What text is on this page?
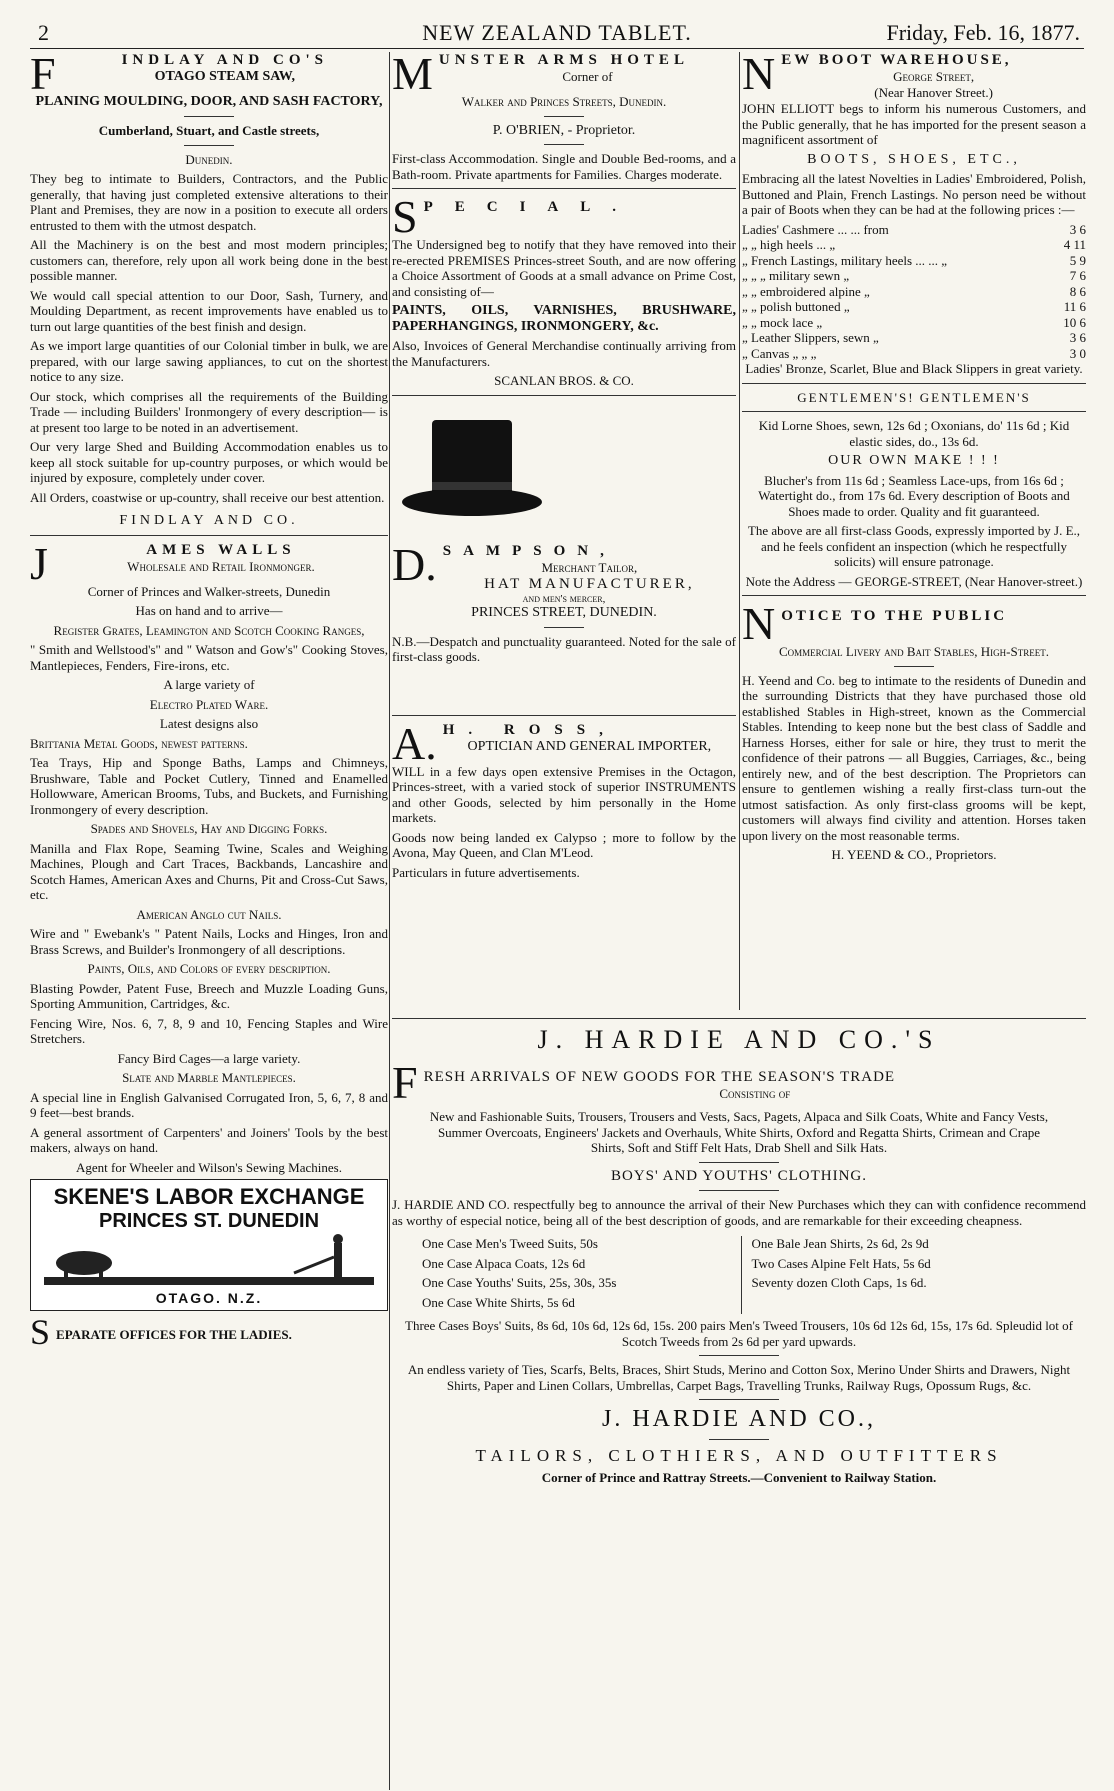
2	NEW ZEALAND TABLET.	Friday, Feb. 16, 1877.
F	INDLAY AND CO'S
OTAGO STEAM SAW,
PLANING MOULDING, DOOR, AND SASH FACTORY,

Cumberland, Stuart, and Castle streets,

Dunedin.

They beg to intimate to Builders, Contractors, and the Public generally, that having just completed extensive alterations to their Plant and Premises, they are now in a position to execute all orders entrusted to them with the utmost despatch.

All the Machinery is on the best and most modern principles; customers can, therefore, rely upon all work being done in the best possible manner.

We would call special attention to our Door, Sash, Turnery, and Moulding Department, as recent improvements have enabled us to turn out large quantities of the best finish and design.

As we import large quantities of our Colonial timber in bulk, we are prepared, with our large sawing appliances, to cut on the shortest notice to any size.

Our stock, which comprises all the requirements of the Building Trade — including Builders' Ironmongery of every description— is at present too large to be noted in an advertisement.

Our very large Shed and Building Accommodation enables us to keep all stock suitable for up-country purposes, or which would be injured by exposure, completely under cover.

All Orders, coastwise or up-country, shall receive our best attention.

FINDLAY AND CO.

J	AMES WALLS
Wholesale and Retail Ironmonger.

Corner of Princes and Walker-streets, Dunedin

Has on hand and to arrive—

Register Grates, Leamington and Scotch Cooking Ranges,

" Smith and Wellstood's" and " Watson and Gow's" Cooking Stoves, Mantlepieces, Fenders, Fire-irons, etc.

A large variety of

Electro Plated Ware.

Latest designs also

Brittania Metal Goods, newest patterns.

Tea Trays, Hip and Sponge Baths, Lamps and Chimneys, Brushware, Table and Pocket Cutlery, Tinned and Enamelled Hollowware, American Brooms, Tubs, and Buckets, and Furnishing Ironmongery of every description.

Spades and Shovels, Hay and Digging Forks.

Manilla and Flax Rope, Seaming Twine, Scales and Weighing Machines, Plough and Cart Traces, Backbands, Lancashire and Scotch Hames, American Axes and Churns, Pit and Cross-Cut Saws, etc.

American Anglo cut Nails.

Wire and " Ewebank's " Patent Nails, Locks and Hinges, Iron and Brass Screws, and Builder's Ironmongery of all descriptions.

Paints, Oils, and Colors of every description.

Blasting Powder, Patent Fuse, Breech and Muzzle Loading Guns, Sporting Ammunition, Cartridges, &c.

Fencing Wire, Nos. 6, 7, 8, 9 and 10, Fencing Staples and Wire Stretchers.

Fancy Bird Cages—a large variety.

Slate and Marble Mantlepieces.

A special line in English Galvanised Corrugated Iron, 5, 6, 7, 8 and 9 feet—best brands.

A general assortment of Carpenters' and Joiners' Tools by the best makers, always on hand.

Agent for Wheeler and Wilson's Sewing Machines.

SKENE'S LABOR EXCHANGE
PRINCES ST. DUNEDIN
OTAGO. N.Z.
S EPARATE OFFICES FOR THE LADIES.
M UNSTER ARMS HOTEL
Corner of

Walker and Princes Streets, Dunedin.

P. O'BRIEN, - Proprietor.

First-class Accommodation. Single and Double Bed-rooms, and a Bath-room. Private apartments for Families. Charges moderate.

S PECIAL.

The Undersigned beg to notify that they have removed into their re-erected PREMISES Princes-street South, and are now offering a Choice Assortment of Goods at a small advance on Prime Cost, and consisting of—

PAINTS, OILS, VARNISHES, BRUSHWARE, PAPERHANGINGS, IRONMONGERY, &c.

Also, Invoices of General Merchandise continually arriving from the Manufacturers.

SCANLAN BROS. & CO.

D. SAMPSON,
Merchant Tailor,
HAT MANUFACTURER,
and men's mercer,
PRINCES STREET, DUNEDIN.

N.B.—Despatch and punctuality guaranteed. Noted for the sale of first-class goods.

A. H. ROSS,
OPTICIAN AND GENERAL IMPORTER,

WILL in a few days open extensive Premises in the Octagon, Princes-street, with a varied stock of superior INSTRUMENTS and other Goods, selected by him personally in the Home markets.

Goods now being landed ex Calypso ; more to follow by the Avona, May Queen, and Clan M'Leod.

Particulars in future advertisements.

N EW BOOT WAREHOUSE,
George Street,
(Near Hanover Street.)

JOHN ELLIOTT begs to inform his numerous Customers, and the Public generally, that he has imported for the present season a magnificent assortment of

BOOTS, SHOES, ETC.,

Embracing all the latest Novelties in Ladies' Embroidered, Polish, Buttoned and Plain, French Lastings. No person need be without a pair of Boots when they can be had at the following prices :—

Ladies' Cashmere ... ... from	3 6
„ „ high heels ... „	4 11
„ French Lastings, military heels ... ... „	5 9
„ „ „ military sewn „	7 6
„ „ embroidered alpine „	8 6
„ „ polish buttoned „	11 6
„ „ mock lace „	10 6
„ Leather Slippers, sewn „	3 6
„ Canvas „ „ „	3 0

Ladies' Bronze, Scarlet, Blue and Black Slippers in great variety.

GENTLEMEN'S! GENTLEMEN'S

Kid Lorne Shoes, sewn, 12s 6d ; Oxonians, do' 11s 6d ; Kid elastic sides, do., 13s 6d.

OUR OWN MAKE ! ! !

Blucher's from 11s 6d ; Seamless Lace-ups, from 16s 6d ; Watertight do., from 17s 6d. Every description of Boots and Shoes made to order. Quality and fit guaranteed.

The above are all first-class Goods, expressly imported by J. E., and he feels confident an inspection (which he respectfully solicits) will ensure patronage.

Note the Address — GEORGE-STREET, (Near Hanover-street.)

N OTICE TO THE PUBLIC

Commercial Livery and Bait Stables, High-Street.

H. Yeend and Co. beg to intimate to the residents of Dunedin and the surrounding Districts that they have purchased those old established Stables in High-street, known as the Commercial Stables. Intending to keep none but the best class of Saddle and Harness Horses, either for sale or hire, they trust to merit the confidence of their patrons — all Buggies, Carriages, &c., being entirely new, and of the best description. The Proprietors can ensure to gentlemen wishing a really first-class turn-out the utmost satisfaction. As only first-class grooms will be kept, customers will always find civility and attention. Horses taken upon livery on the most reasonable terms.

H. YEEND & CO., Proprietors.

J. HARDIE AND CO.'S
F RESH ARRIVALS OF NEW GOODS FOR THE SEASON'S TRADE
Consisting of

New and Fashionable Suits, Trousers, Trousers and Vests, Sacs, Pagets, Alpaca and Silk Coats, White and Fancy Vests, Summer Overcoats, Engineers' Jackets and Overhauls, White Shirts, Oxford and Regatta Shirts, Crimean and Crape Shirts, Soft and Stiff Felt Hats, Drab Shell and Silk Hats.

BOYS' AND YOUTHS' CLOTHING.

J. HARDIE AND CO. respectfully beg to announce the arrival of their New Purchases which they can with confidence recommend as worthy of especial notice, being all of the best description of goods, and are remarkable for their exceeding cheapness.

One Case Men's Tweed Suits, 50s

One Case Alpaca Coats, 12s 6d

One Case Youths' Suits, 25s, 30s, 35s

One Case White Shirts, 5s 6d

One Bale Jean Shirts, 2s 6d, 2s 9d

Two Cases Alpine Felt Hats, 5s 6d

Seventy dozen Cloth Caps, 1s 6d.

Three Cases Boys' Suits, 8s 6d, 10s 6d, 12s 6d, 15s. 200 pairs Men's Tweed Trousers, 10s 6d 12s 6d, 15s, 17s 6d. Spleudid lot of Scotch Tweeds from 2s 6d per yard upwards.

An endless variety of Ties, Scarfs, Belts, Braces, Shirt Studs, Merino and Cotton Sox, Merino Under Shirts and Drawers, Night Shirts, Paper and Linen Collars, Umbrellas, Carpet Bags, Travelling Trunks, Railway Rugs, Opossum Rugs, &c.

J. HARDIE AND CO.,
TAILORS, CLOTHIERS, AND OUTFITTERS
Corner of Prince and Rattray Streets.—Convenient to Railway Station.
